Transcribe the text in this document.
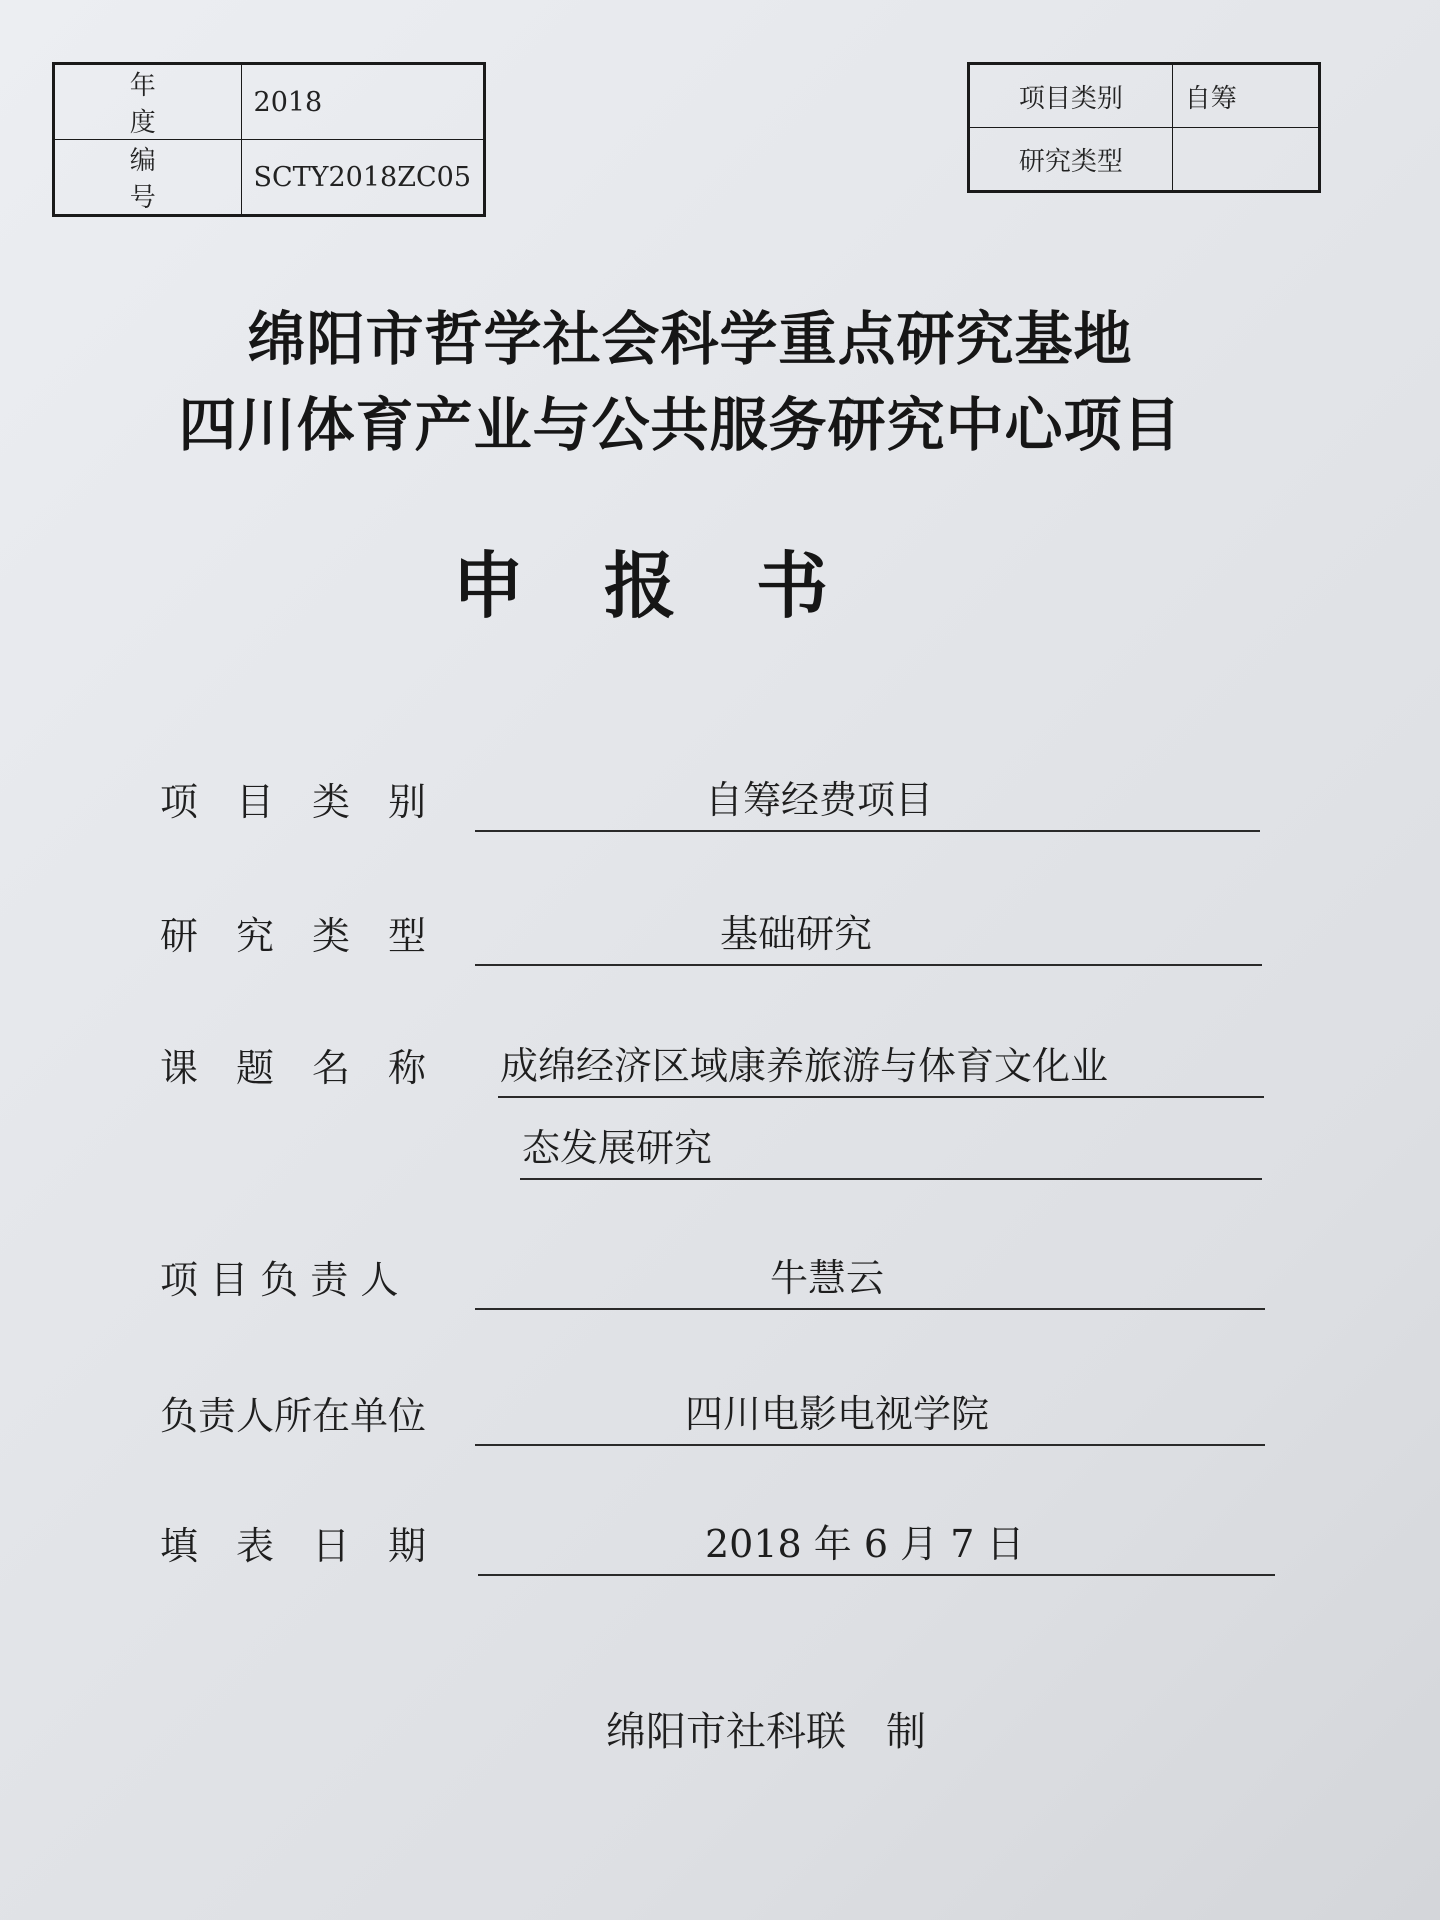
年　度	2018
编　号	SCTY2018ZC05
项目类别	自筹
研究类型	
绵阳市哲学社会科学重点研究基地
四川体育产业与公共服务研究中心项目
申报书
项　目　类　别	自筹经费项目
研　究　类　型	基础研究
课　题　名　称 成绵经济区域康养旅游与体育文化业
态发展研究
项 目 负 责 人	牛慧云
负责人所在单位	四川电影电视学院
填　表　日　期	2018 年 6 月 7 日
绵阳市社科联　制
